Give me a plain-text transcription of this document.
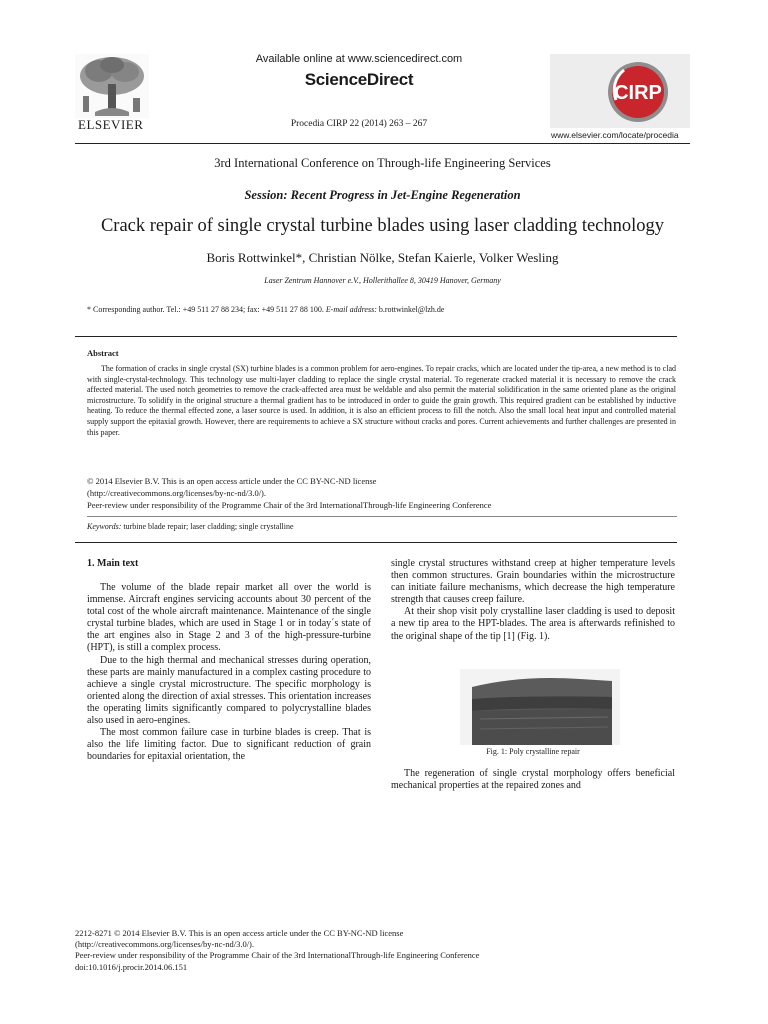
ELSEVIER
Available online at www.sciencedirect.com
ScienceDirect
Procedia CIRP 22 (2014) 263 – 267
CIRP
www.elsevier.com/locate/procedia
3rd International Conference on Through-life Engineering Services
Session: Recent Progress in Jet-Engine Regeneration
Crack repair of single crystal turbine blades using laser cladding technology
Boris Rottwinkel*, Christian Nölke, Stefan Kaierle, Volker Wesling
Laser Zentrum Hannover e.V., Hollerithallee 8, 30419 Hanover, Germany
* Corresponding author. Tel.: +49 511 27 88 234; fax: +49 511 27 88 100. E-mail address: b.rottwinkel@lzh.de
Abstract
The formation of cracks in single crystal (SX) turbine blades is a common problem for aero-engines. To repair cracks, which are located under the tip-area, a new method is to clad with single-crystal-technology. This technology use multi-layer cladding to replace the single crystal material. To regenerate cracked material it is necessary to remove the crack affected material. The used notch geometries to remove the crack-affected area must be weldable and also permit the material solidification in the same oriented plane as the original microstructure. To solidify in the original structure a thermal gradient has to be introduced in order to guide the grain growth. This required gradient can be established by inductive heating. To reduce the thermal effected zone, a laser source is used. In addition, it is also an efficient process to fill the notch. Also the small local heat input and controlled material supply support the epitaxial growth. However, there are requirements to achieve a SX structure without cracks and pores. Current achievements and further challenges are presented in this paper.
© 2014 Elsevier B.V. This is an open access article under the CC BY-NC-ND license
(http://creativecommons.org/licenses/by-nc-nd/3.0/).
Peer-review under responsibility of the Programme Chair of the 3rd InternationalThrough-life Engineering Conference
Keywords: turbine blade repair; laser cladding; single crystalline
1. Main text

The volume of the blade repair market all over the world is immense. Aircraft engines servicing accounts about 30 percent of the total cost of the whole aircraft maintenance. Maintenance of the single crystal turbine blades, which are used in Stage 1 or in today´s state of the art engines also in Stage 2 and 3 of the high-pressure-turbine (HPT), is still a complex process.

Due to the high thermal and mechanical stresses during operation, these parts are mainly manufactured in a complex casting procedure to achieve a single crystal microstructure. The specific morphology is oriented along the direction of axial stresses. This orientation increases the operating limits significantly compared to polycrystalline blades also used in aero-engines.

The most common failure case in turbine blades is creep. That is also the life limiting factor. Due to significant reduction of grain boundaries for epitaxial orientation, the

single crystal structures withstand creep at higher temperature levels then common structures. Grain boundaries within the microstructure can initiate failure mechanisms, which decrease the high temperature strength that causes creep failure.

At their shop visit poly crystalline laser cladding is used to deposit a new tip area to the HPT-blades. The area is afterwards refinished to the original shape of the tip [1] (Fig. 1).

Fig. 1: Poly crystalline repair

The regeneration of single crystal morphology offers beneficial mechanical properties at the repaired zones and

2212-8271 © 2014 Elsevier B.V. This is an open access article under the CC BY-NC-ND license
(http://creativecommons.org/licenses/by-nc-nd/3.0/).
Peer-review under responsibility of the Programme Chair of the 3rd InternationalThrough-life Engineering Conference
doi:10.1016/j.procir.2014.06.151
